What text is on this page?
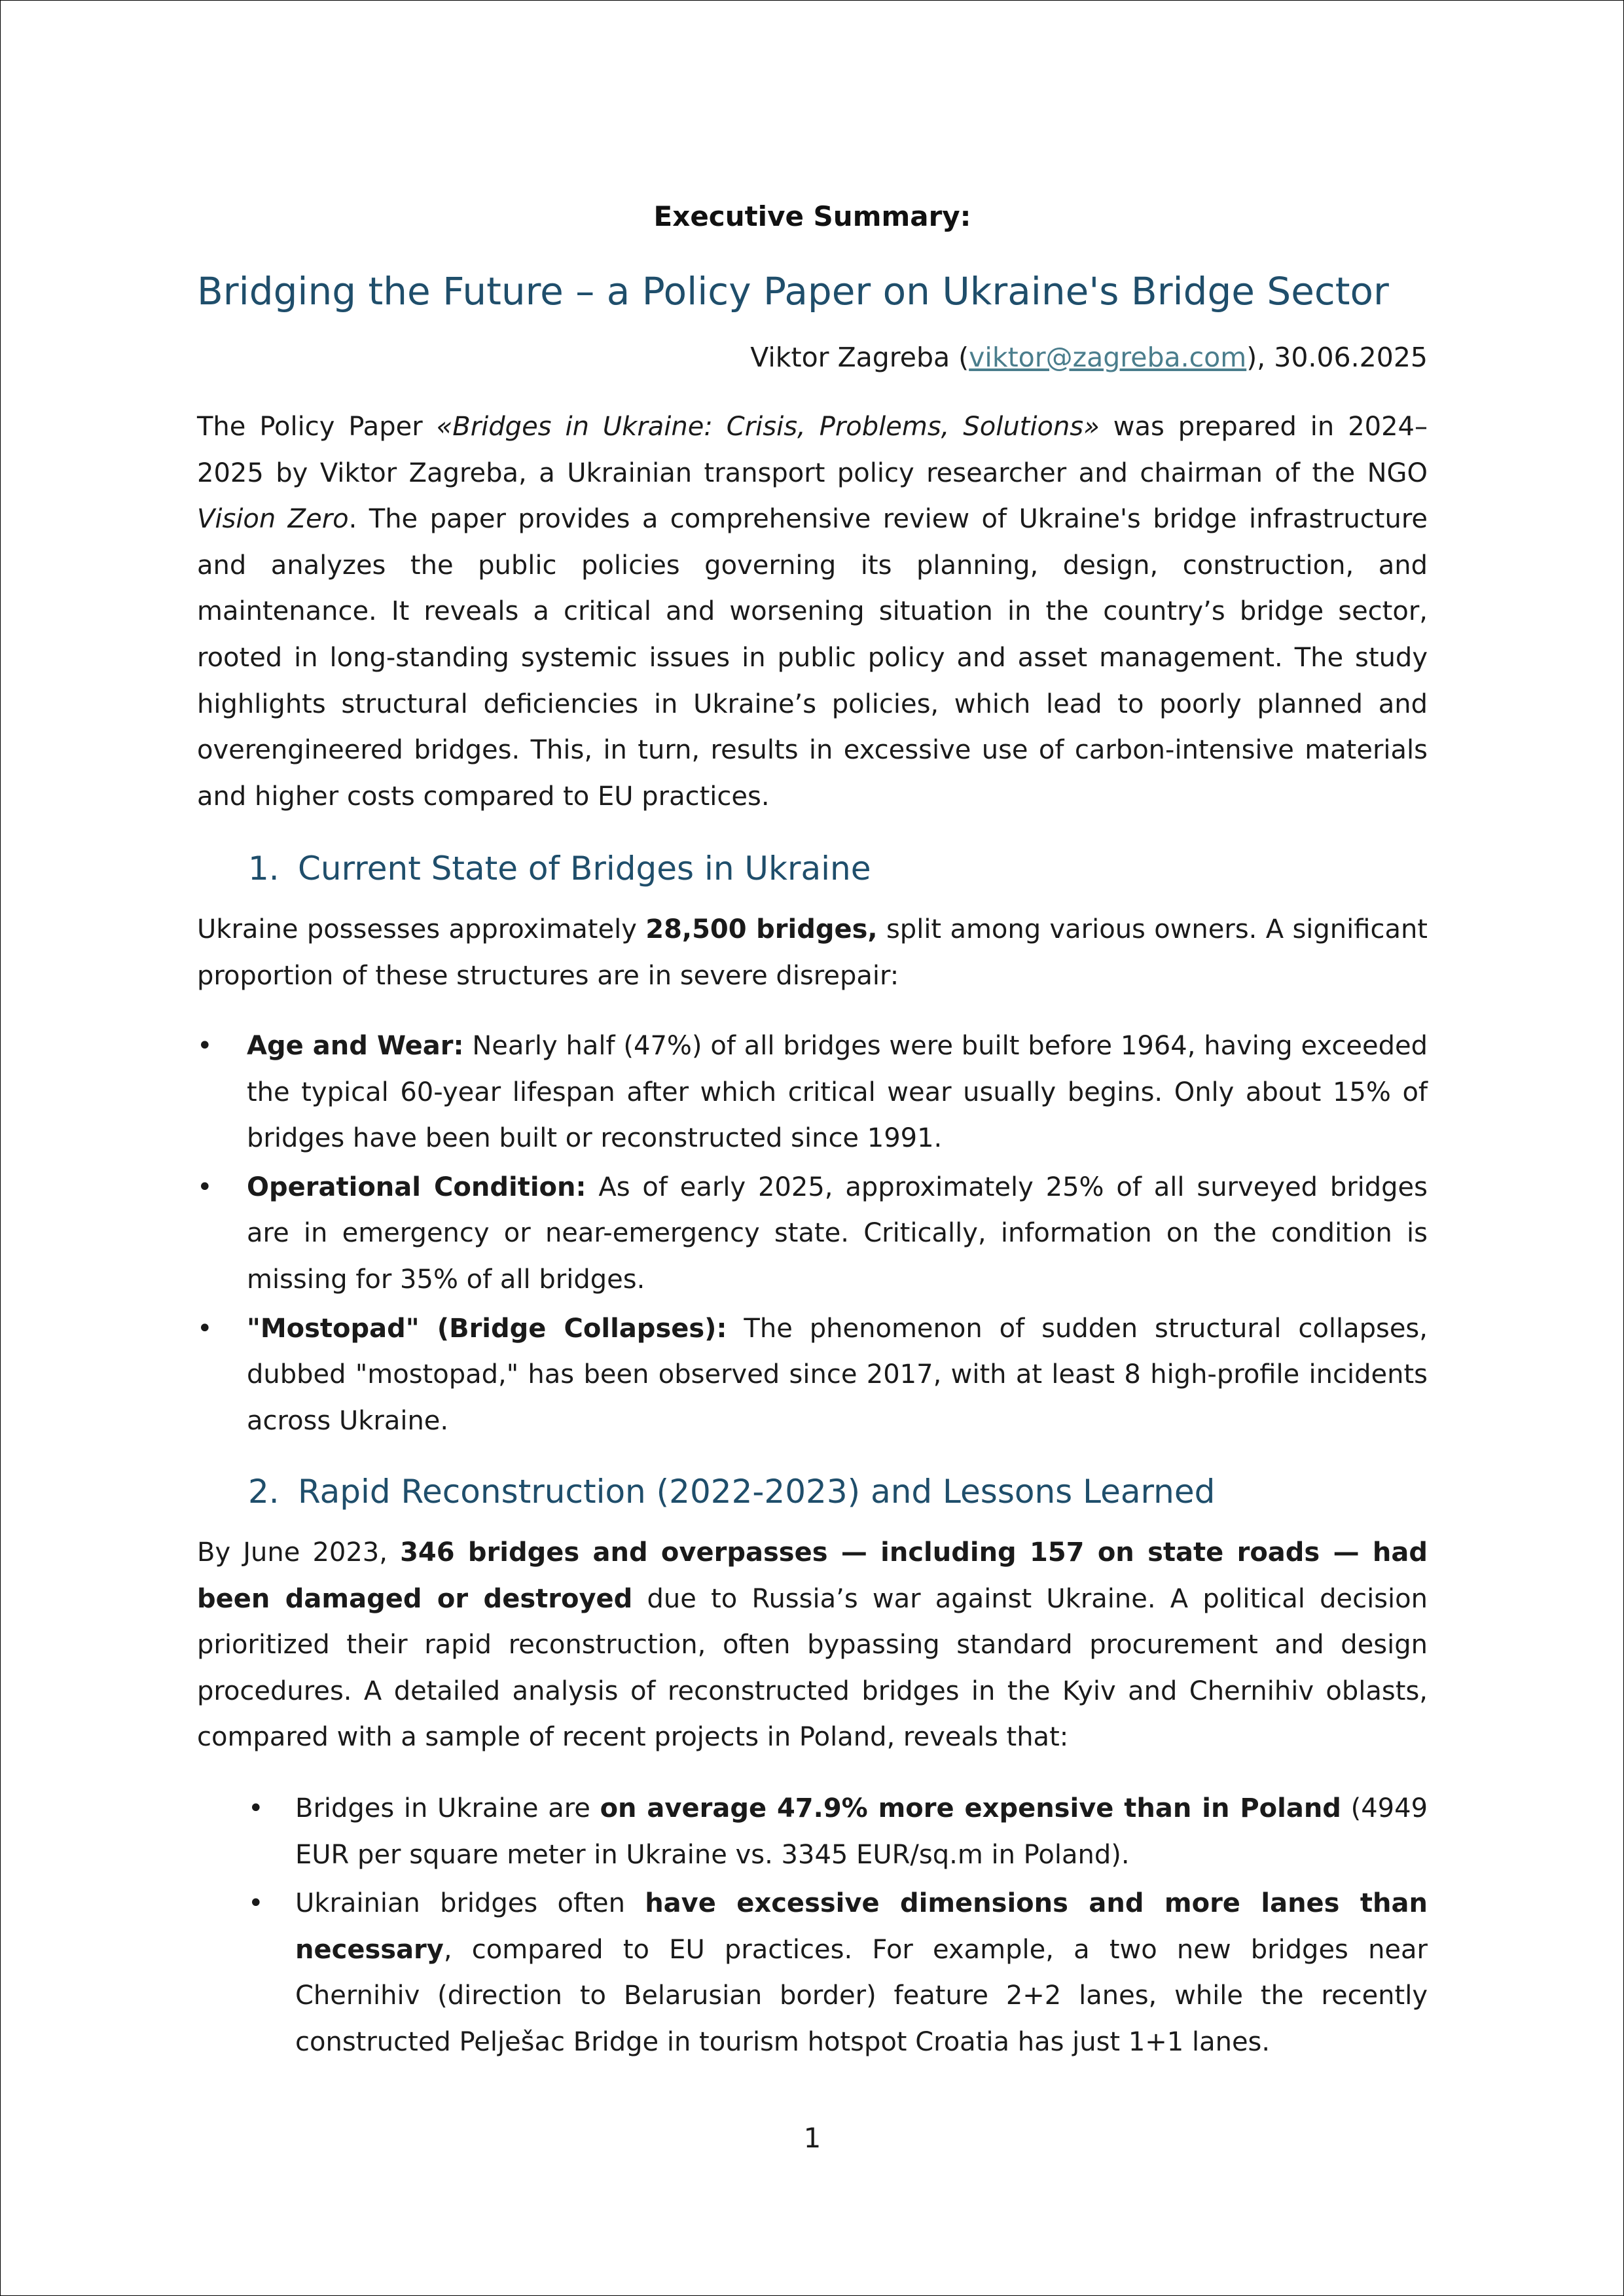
Executive Summary:
Bridging the Future – a Policy Paper on Ukraine's Bridge Sector
Viktor Zagreba (viktor@zagreba.com), 30.06.2025

The Policy Paper «Bridges in Ukraine: Crisis, Problems, Solutions» was prepared in 2024–2025 by Viktor Zagreba, a Ukrainian transport policy researcher and chairman of the NGO Vision Zero. The paper provides a comprehensive review of Ukraine's bridge infrastructure and analyzes the public policies governing its planning, design, construction, and maintenance. It reveals a critical and worsening situation in the country’s bridge sector, rooted in long-standing systemic issues in public policy and asset management. The study highlights structural deficiencies in Ukraine’s policies, which lead to poorly planned and overengineered bridges. This, in turn, results in excessive use of carbon-intensive materials and higher costs compared to EU practices.

1. Current State of Bridges in Ukraine

Ukraine possesses approximately 28,500 bridges, split among various owners. A significant proportion of these structures are in severe disrepair:

•	Age and Wear: Nearly half (47%) of all bridges were built before 1964, having exceeded the typical 60-year lifespan after which critical wear usually begins. Only about 15% of bridges have been built or reconstructed since 1991.
•	Operational Condition: As of early 2025, approximately 25% of all surveyed bridges are in emergency or near-emergency state. Critically, information on the condition is missing for 35% of all bridges.
•	"Mostopad" (Bridge Collapses): The phenomenon of sudden structural collapses, dubbed "mostopad," has been observed since 2017, with at least 8 high-profile incidents across Ukraine.
2. Rapid Reconstruction (2022-2023) and Lessons Learned

By June 2023, 346 bridges and overpasses — including 157 on state roads — had been damaged or destroyed due to Russia’s war against Ukraine. A political decision prioritized their rapid reconstruction, often bypassing standard procurement and design procedures. A detailed analysis of reconstructed bridges in the Kyiv and Chernihiv oblasts, compared with a sample of recent projects in Poland, reveals that:

• Bridges in Ukraine are on average 47.9% more expensive than in Poland (4949 EUR per square meter in Ukraine vs. 3345 EUR/sq.m in Poland).
• Ukrainian bridges often have excessive dimensions and more lanes than necessary, compared to EU practices. For example, a two new bridges near Chernihiv (direction to Belarusian border) feature 2+2 lanes, while the recently constructed Pelješac Bridge in tourism hotspot Croatia has just 1+1 lanes.
1
